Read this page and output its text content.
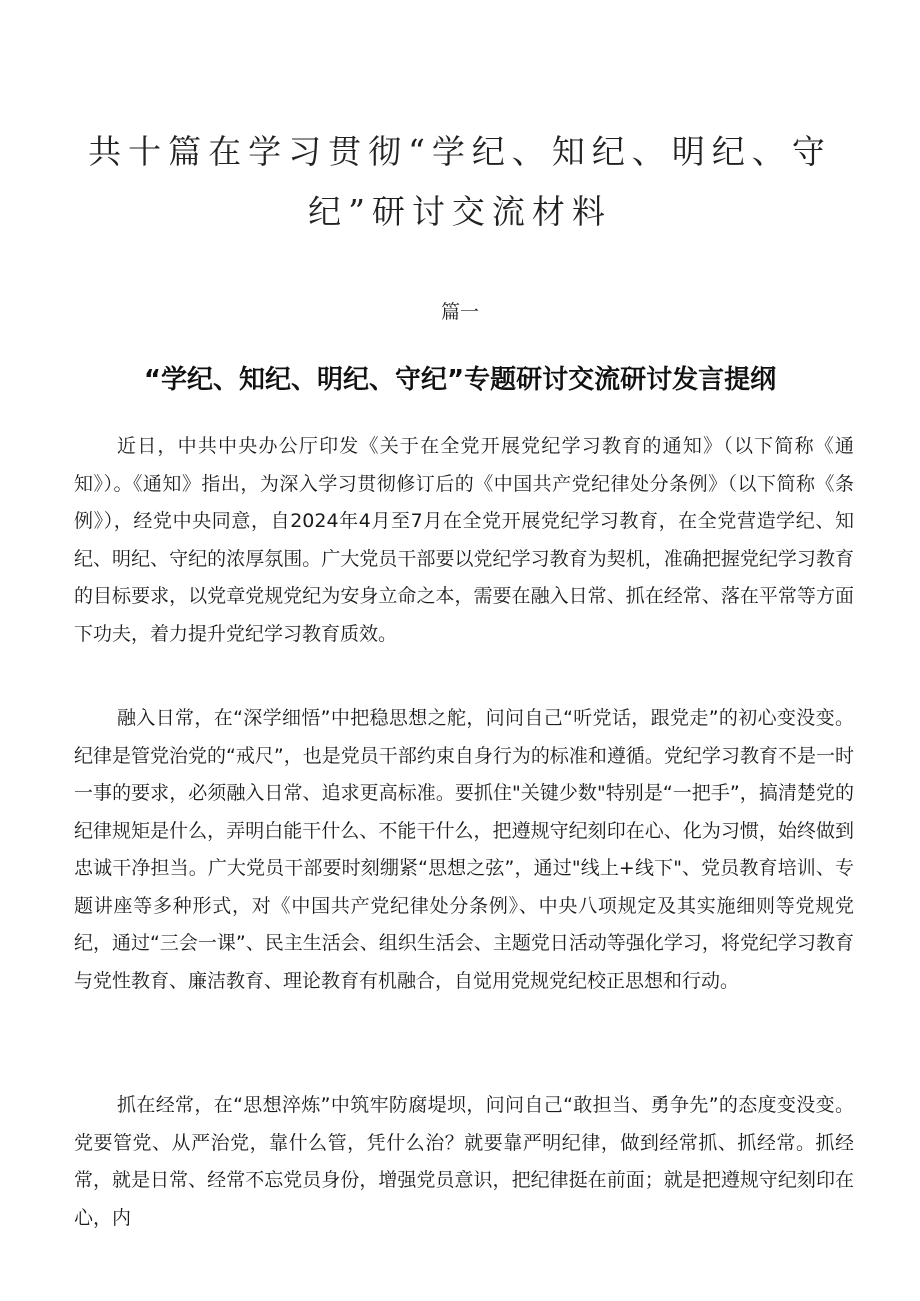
共十篇在学习贯彻“学纪、知纪、明纪、守纪”研讨交流材料
篇一
“学纪、知纪、明纪、守纪”专题研讨交流研讨发言提纲

近日，中共中央办公厅印发《关于在全党开展党纪学习教育的通知》（以下简称《通知》）。《通知》指出，为深入学习贯彻修订后的《中国共产党纪律处分条例》（以下简称《条例》），经党中央同意，自2024年4月至7月在全党开展党纪学习教育，在全党营造学纪、知纪、明纪、守纪的浓厚氛围。广大党员干部要以党纪学习教育为契机，准确把握党纪学习教育的目标要求，以党章党规党纪为安身立命之本，需要在融入日常、抓在经常、落在平常等方面下功夫，着力提升党纪学习教育质效。

融入日常，在“深学细悟”中把稳思想之舵，问问自己“听党话，跟党走”的初心变没变。纪律是管党治党的“戒尺”，也是党员干部约束自身行为的标准和遵循。党纪学习教育不是一时一事的要求，必须融入日常、追求更高标准。要抓住"关键少数"特别是“一把手”，搞清楚党的纪律规矩是什么，弄明白能干什么、不能干什么，把遵规守纪刻印在心、化为习惯，始终做到忠诚干净担当。广大党员干部要时刻绷紧“思想之弦”，通过"线上+线下"、党员教育培训、专题讲座等多种形式，对《中国共产党纪律处分条例》、中央八项规定及其实施细则等党规党纪，通过“三会一课”、民主生活会、组织生活会、主题党日活动等强化学习，将党纪学习教育与党性教育、廉洁教育、理论教育有机融合，自觉用党规党纪校正思想和行动。

抓在经常，在“思想淬炼”中筑牢防腐堤坝，问问自己“敢担当、勇争先”的态度变没变。党要管党、从严治党，靠什么管，凭什么治？就要靠严明纪律，做到经常抓、抓经常。抓经常，就是日常、经常不忘党员身份，增强党员意识，把纪律挺在前面；就是把遵规守纪刻印在心，内
